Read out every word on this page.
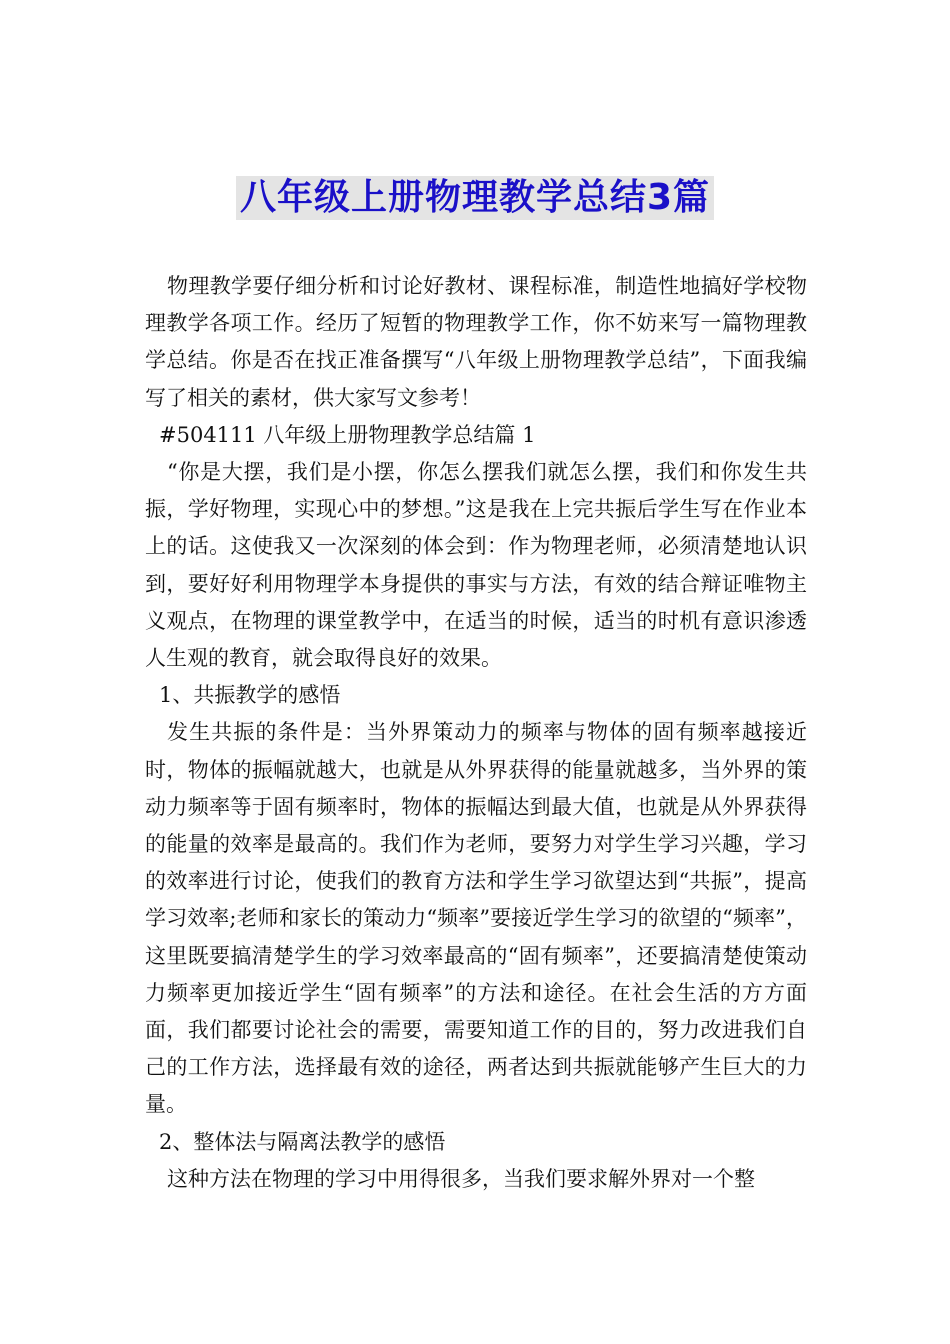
八年级上册物理教学总结3篇

物理教学要仔细分析和讨论好教材、课程标准，制造性地搞好学校物理教学各项工作。经历了短暂的物理教学工作，你不妨来写一篇物理教学总结。你是否在找正准备撰写“八年级上册物理教学总结”，下面我编写了相关的素材，供大家写文参考！

#504111 八年级上册物理教学总结篇 1

“你是大摆，我们是小摆，你怎么摆我们就怎么摆，我们和你发生共振，学好物理，实现心中的梦想。”这是我在上完共振后学生写在作业本上的话。这使我又一次深刻的体会到：作为物理老师，必须清楚地认识到，要好好利用物理学本身提供的事实与方法，有效的结合辩证唯物主义观点，在物理的课堂教学中，在适当的时候，适当的时机有意识渗透人生观的教育，就会取得良好的效果。

1、共振教学的感悟

发生共振的条件是：当外界策动力的频率与物体的固有频率越接近时，物体的振幅就越大，也就是从外界获得的能量就越多，当外界的策动力频率等于固有频率时，物体的振幅达到最大值，也就是从外界获得的能量的效率是最高的。我们作为老师，要努力对学生学习兴趣，学习的效率进行讨论，使我们的教育方法和学生学习欲望达到“共振”，提高学习效率;老师和家长的策动力“频率”要接近学生学习的欲望的“频率”，这里既要搞清楚学生的学习效率最高的“固有频率”，还要搞清楚使策动力频率更加接近学生“固有频率”的方法和途径。在社会生活的方方面面，我们都要讨论社会的需要，需要知道工作的目的，努力改进我们自己的工作方法，选择最有效的途径，两者达到共振就能够产生巨大的力量。

2、整体法与隔离法教学的感悟

这种方法在物理的学习中用得很多，当我们要求解外界对一个整
